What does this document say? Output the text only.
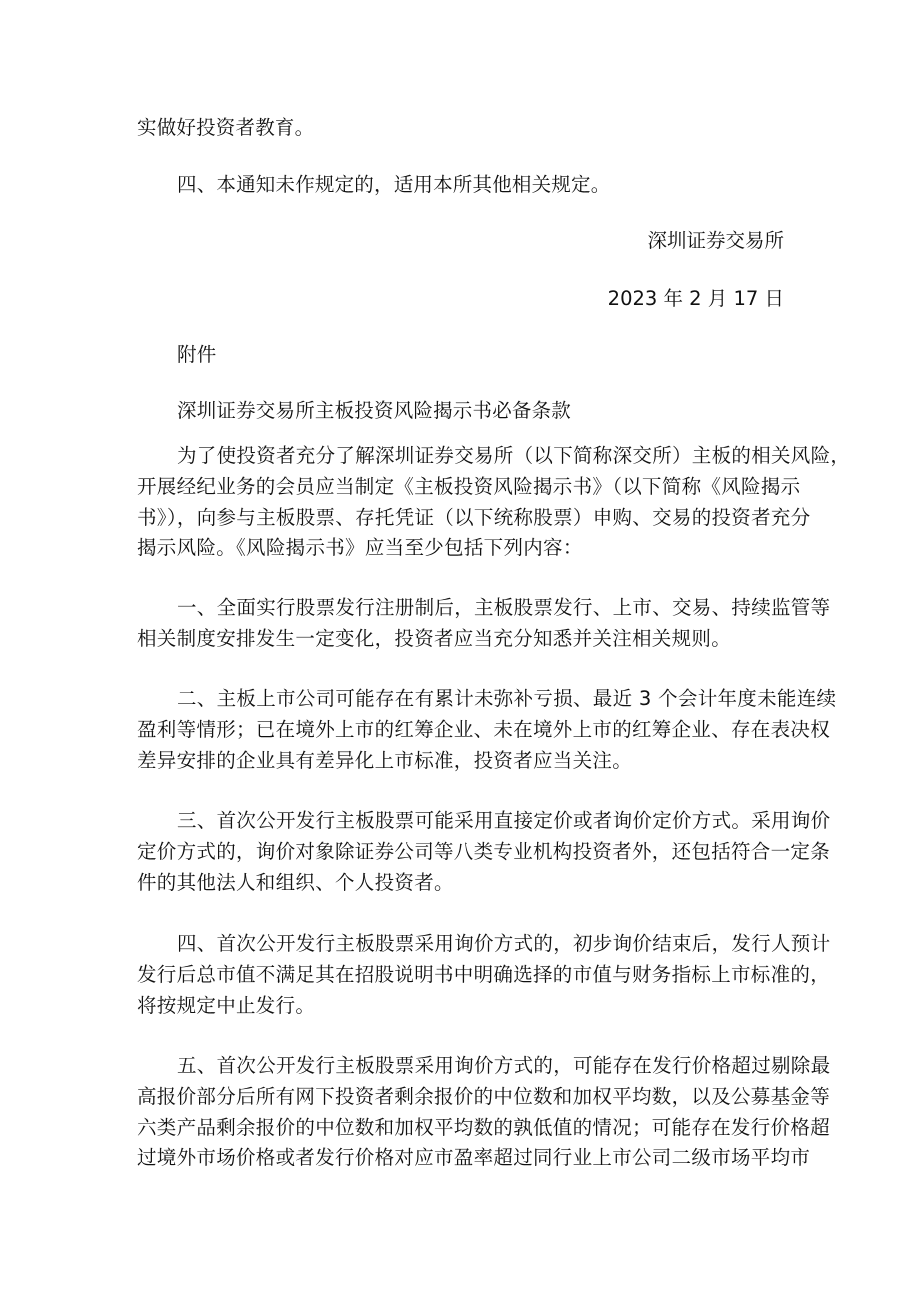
实做好投资者教育。
四、本通知未作规定的，适用本所其他相关规定。
深圳证券交易所
2023 年 2 月 17 日
附件
深圳证券交易所主板投资风险揭示书必备条款
为了使投资者充分了解深圳证券交易所（以下简称深交所）主板的相关风险，
开展经纪业务的会员应当制定《主板投资风险揭示书》（以下简称《风险揭示
书》），向参与主板股票、存托凭证（以下统称股票）申购、交易的投资者充分
揭示风险。《风险揭示书》应当至少包括下列内容：
一、全面实行股票发行注册制后，主板股票发行、上市、交易、持续监管等
相关制度安排发生一定变化，投资者应当充分知悉并关注相关规则。
二、主板上市公司可能存在有累计未弥补亏损、最近 3 个会计年度未能连续
盈利等情形；已在境外上市的红筹企业、未在境外上市的红筹企业、存在表决权
差异安排的企业具有差异化上市标准，投资者应当关注。
三、首次公开发行主板股票可能采用直接定价或者询价定价方式。采用询价
定价方式的，询价对象除证券公司等八类专业机构投资者外，还包括符合一定条
件的其他法人和组织、个人投资者。
四、首次公开发行主板股票采用询价方式的，初步询价结束后，发行人预计
发行后总市值不满足其在招股说明书中明确选择的市值与财务指标上市标准的，
将按规定中止发行。
五、首次公开发行主板股票采用询价方式的，可能存在发行价格超过剔除最
高报价部分后所有网下投资者剩余报价的中位数和加权平均数，以及公募基金等
六类产品剩余报价的中位数和加权平均数的孰低值的情况；可能存在发行价格超
过境外市场价格或者发行价格对应市盈率超过同行业上市公司二级市场平均市
